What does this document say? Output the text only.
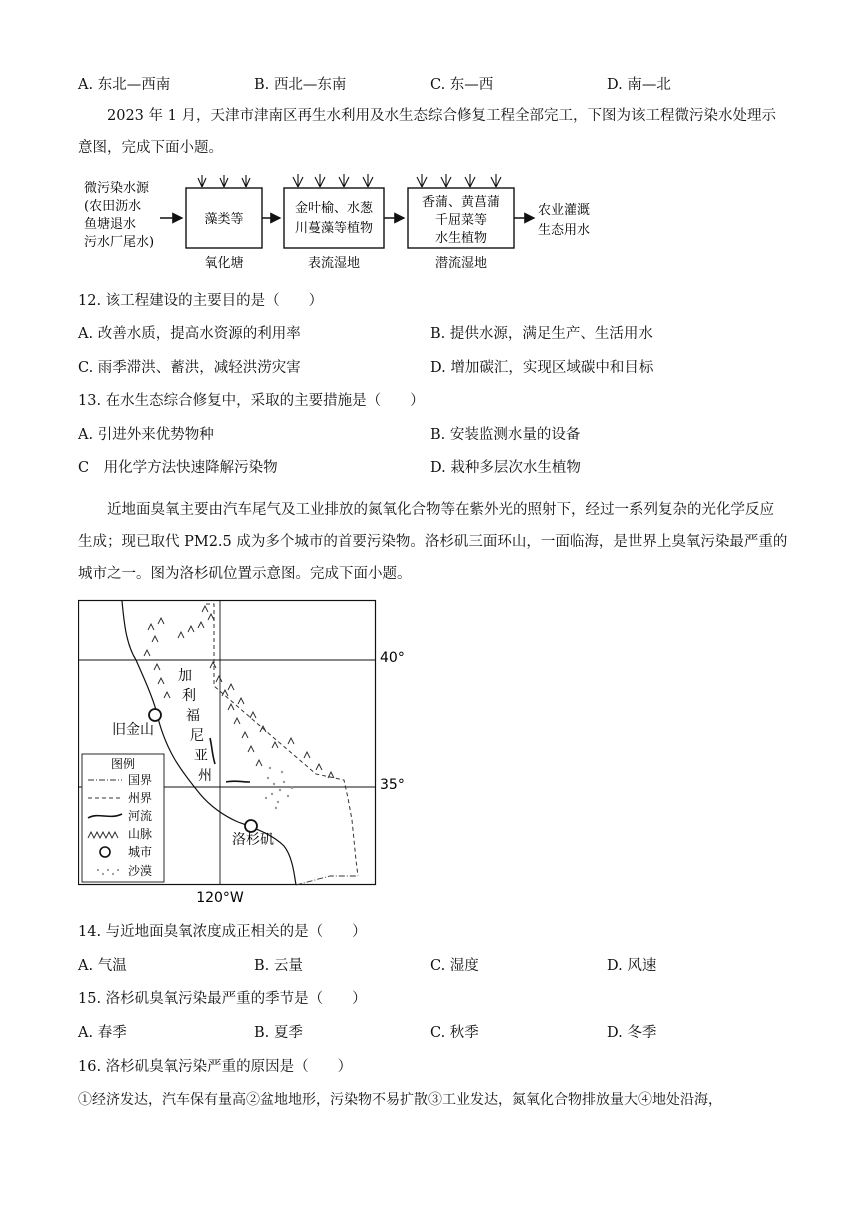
A. 东北—西南	B. 西北—东南	C. 东—西	D. 南—北
2023 年 1 月，天津市津南区再生水利用及水生态综合修复工程全部完工，下图为该工程微污染水处理示意图，完成下面小题。
微污染水源
(农田沥水
鱼塘退水
污水厂尾水)
藻类等
氧化塘
金叶榆、水葱
川蔓藻等植物
表流湿地
香蒲、黄菖蒲
千屈菜等
水生植物
潜流湿地
农业灌溉
生态用水
12. 该工程建设的主要目的是（　　）
A. 改善水质，提高水资源的利用率	B. 提供水源，满足生产、生活用水
C. 雨季滞洪、蓄洪，减轻洪涝灾害	D. 增加碳汇，实现区域碳中和目标
13. 在水生态综合修复中，采取的主要措施是（　　）
A. 引进外来优势物种	B. 安装监测水量的设备
C　用化学方法快速降解污染物	D. 栽种多层次水生植物
近地面臭氧主要由汽车尾气及工业排放的氮氧化合物等在紫外光的照射下，经过一系列复杂的光化学反应生成；现已取代 PM2.5 成为多个城市的首要污染物。洛杉矶三面环山，一面临海，是世界上臭氧污染最严重的城市之一。图为洛杉矶位置示意图。完成下面小题。
40°
35°
120°W
加
利
福
尼
亚
州
旧金山
洛杉矶
图例
国界
州界
河流
山脉
城市
沙漠
14. 与近地面臭氧浓度成正相关的是（　　）
A. 气温	B. 云量	C. 湿度	D. 风速
15. 洛杉矶臭氧污染最严重的季节是（　　）
A. 春季	B. 夏季	C. 秋季	D. 冬季
16. 洛杉矶臭氧污染严重的原因是（　　）
①经济发达，汽车保有量高②盆地地形，污染物不易扩散③工业发达，氮氧化合物排放量大④地处沿海，
